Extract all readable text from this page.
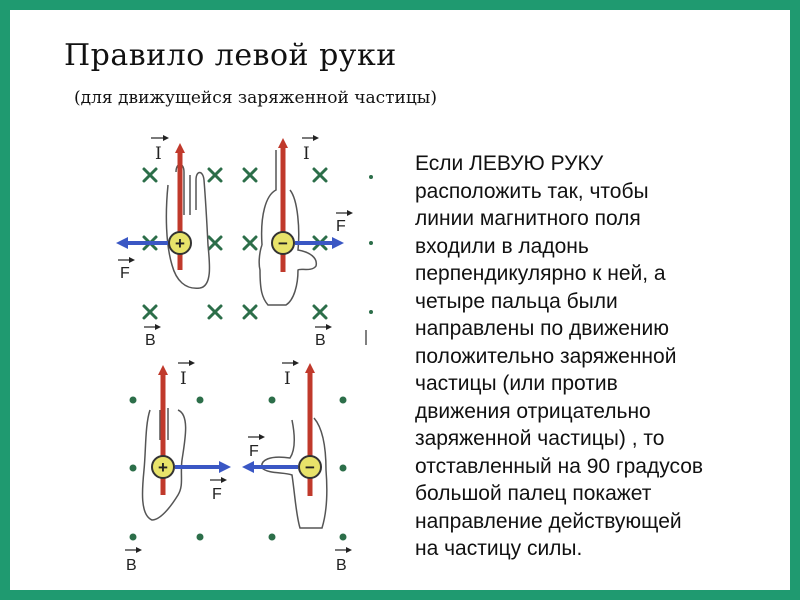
Правило левой руки
(для движущейся заряженной частицы)
Если ЛЕВУЮ РУКУ
расположить так, чтобы
линии магнитного поля
входили в ладонь
перпендикулярно к ней, а
четыре пальца были
направлены по движению
положительно заряженной
частицы (или против
движения отрицательно
заряженной частицы) , то
отставленный на 90 градусов
большой палец покажет
направление действующей
на частицу силы.
+
I
F
B
−
I
F
B
+
I
F
B
−
I
F
B
